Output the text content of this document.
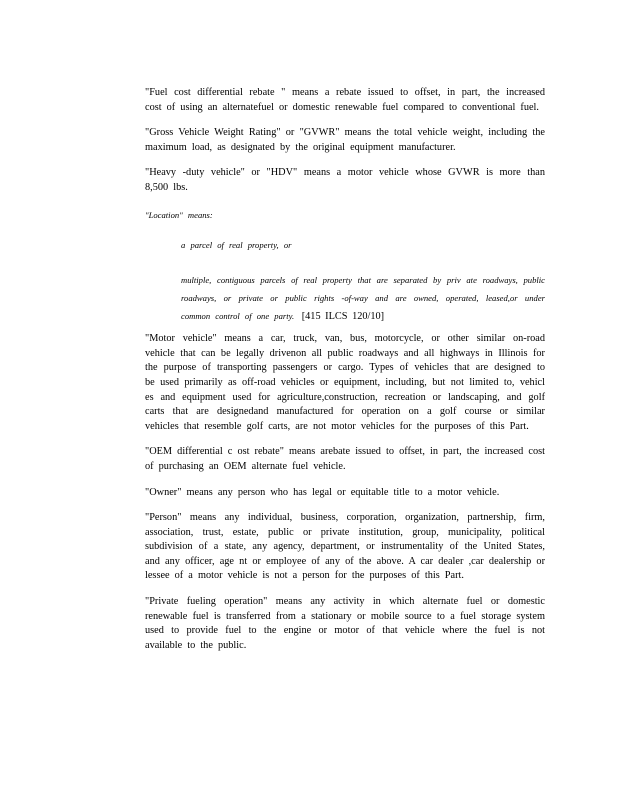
"Fuel cost differential rebate " means a rebate issued to offset, in part, the increased cost of using an alternatefuel or domestic renewable fuel compared to conventional fuel.

"Gross Vehicle Weight Rating" or "GVWR" means the total vehicle weight, including the maximum load, as designated by the original equipment manufacturer.

"Heavy -duty vehicle" or "HDV" means a motor vehicle whose GVWR is more than 8,500 lbs.

"Location" means:

a parcel of real property, or

multiple, contiguous parcels of real property that are separated by priv ate roadways, public roadways, or private or public rights -of-way and are owned, operated, leased,or under common control of one party. [415 ILCS 120/10]

"Motor vehicle" means a car, truck, van, bus, motorcycle, or other similar on-road vehicle that can be legally drivenon all public roadways and all highways in Illinois for the purpose of transporting passengers or cargo. Types of vehicles that are designed to be used primarily as off-road vehicles or equipment, including, but not limited to, vehicl es and equipment used for agriculture,construction, recreation or landscaping, and golf carts that are designedand manufactured for operation on a golf course or similar vehicles that resemble golf carts, are not motor vehicles for the purposes of this Part.

"OEM differential c ost rebate" means arebate issued to offset, in part, the increased cost of purchasing an OEM alternate fuel vehicle.

"Owner" means any person who has legal or equitable title to a motor vehicle.

"Person" means any individual, business, corporation, organization, partnership, firm, association, trust, estate, public or private institution, group, municipality, political subdivision of a state, any agency, department, or instrumentality of the United States, and any officer, age nt or employee of any of the above. A car dealer ,car dealership or lessee of a motor vehicle is not a person for the purposes of this Part.

"Private fueling operation" means any activity in which alternate fuel or domestic renewable fuel is transferred from a stationary or mobile source to a fuel storage system used to provide fuel to the engine or motor of that vehicle where the fuel is not available to the public.
